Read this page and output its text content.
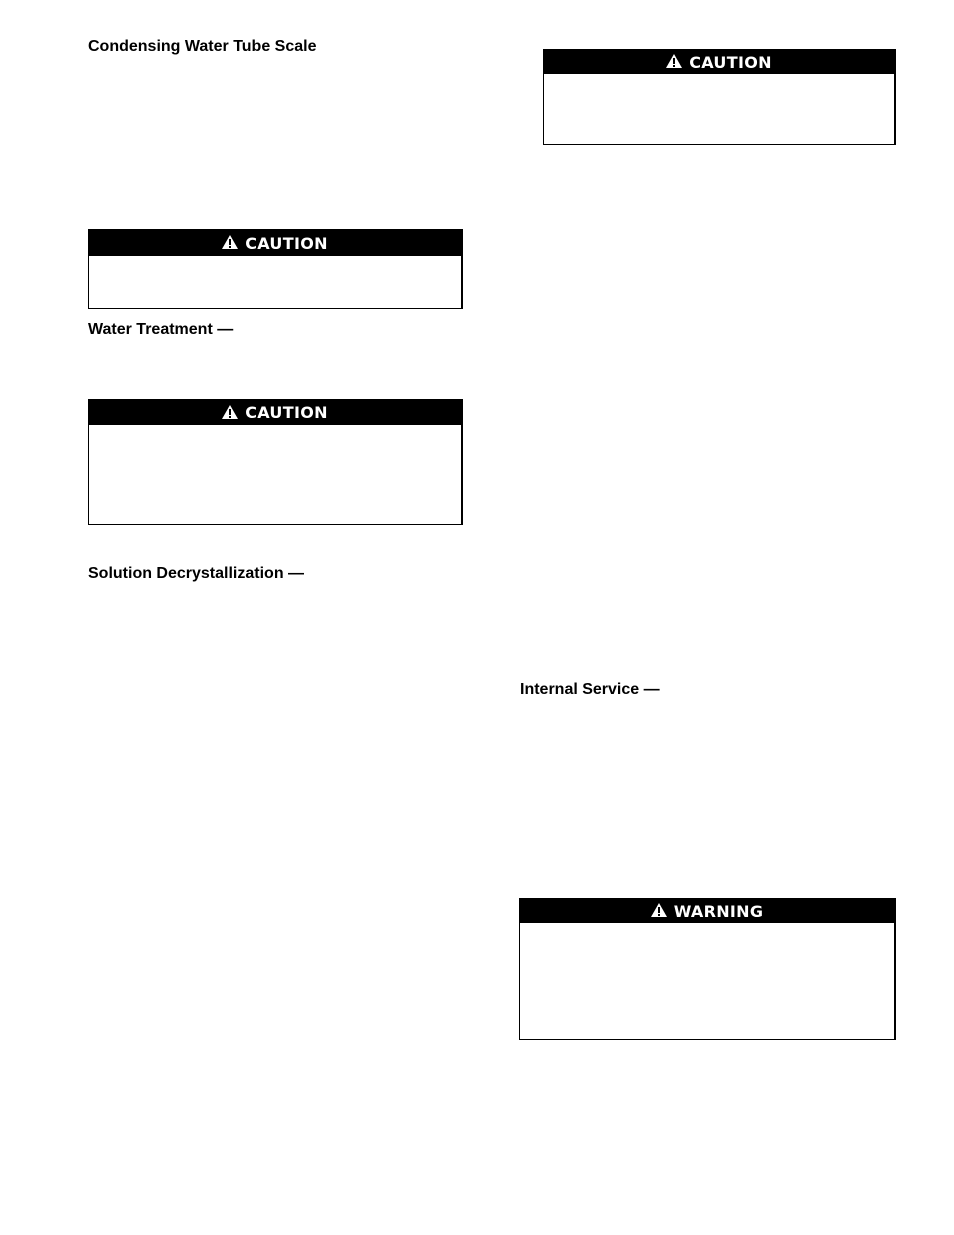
Condensing Water Tube Scale
Water Treatment —
Solution Decrystallization —
Internal Service —
CAUTION
CAUTION
CAUTION
WARNING
